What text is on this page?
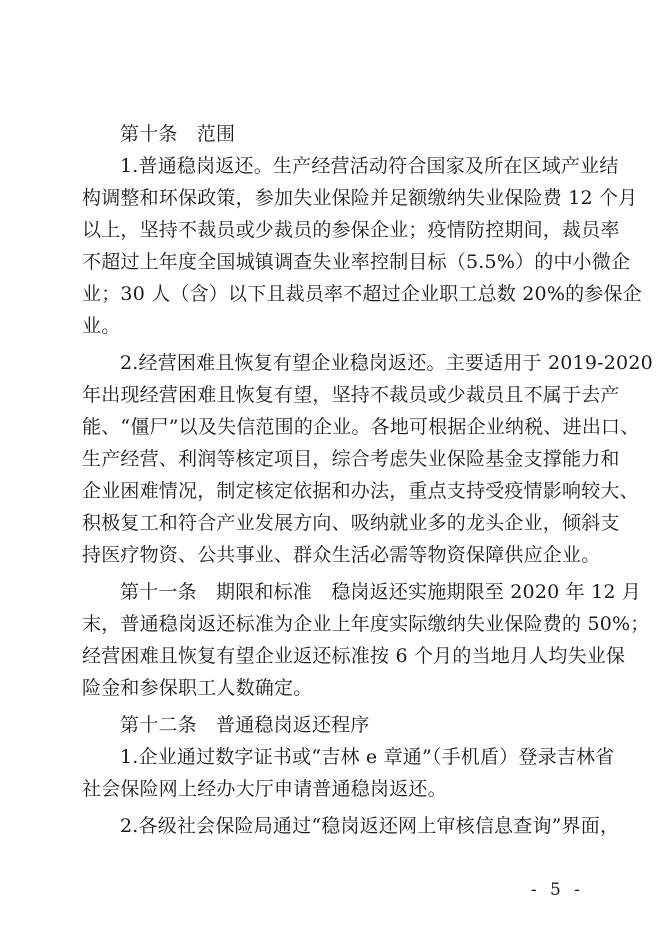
第十条　范围
1.普通稳岗返还。生产经营活动符合国家及所在区域产业结
构调整和环保政策，参加失业保险并足额缴纳失业保险费 12 个月
以上，坚持不裁员或少裁员的参保企业；疫情防控期间，裁员率
不超过上年度全国城镇调查失业率控制目标（5.5%）的中小微企
业；30 人（含）以下且裁员率不超过企业职工总数 20%的参保企
业。
2.经营困难且恢复有望企业稳岗返还。主要适用于 2019-2020
年出现经营困难且恢复有望，坚持不裁员或少裁员且不属于去产
能、“僵尸”以及失信范围的企业。各地可根据企业纳税、进出口、
生产经营、利润等核定项目，综合考虑失业保险基金支撑能力和
企业困难情况，制定核定依据和办法，重点支持受疫情影响较大、
积极复工和符合产业发展方向、吸纳就业多的龙头企业，倾斜支
持医疗物资、公共事业、群众生活必需等物资保障供应企业。
第十一条　期限和标准　稳岗返还实施期限至 2020 年 12 月
末，普通稳岗返还标准为企业上年度实际缴纳失业保险费的 50%；
经营困难且恢复有望企业返还标准按 6 个月的当地月人均失业保
险金和参保职工人数确定。
第十二条　普通稳岗返还程序
1.企业通过数字证书或“吉林 e 章通”（手机盾）登录吉林省
社会保险网上经办大厅申请普通稳岗返还。
2.各级社会保险局通过“稳岗返还网上审核信息查询”界面，
- 5 -
